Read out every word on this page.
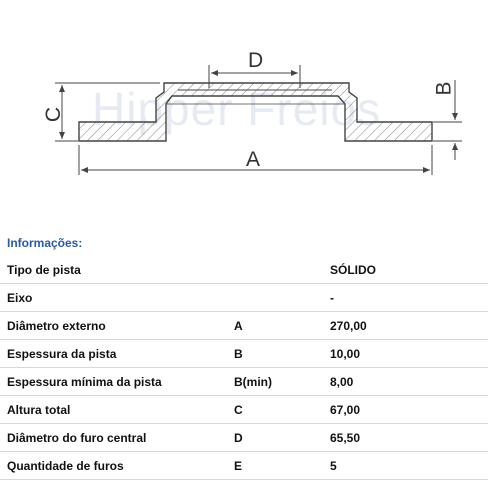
Hipper Freios
D
A
C
B
Informações:
Tipo de pista		SÓLIDO
Eixo		-
Diâmetro externo	A	270,00
Espessura da pista	B	10,00
Espessura mínima da pista	B(min)	8,00
Altura total	C	67,00
Diâmetro do furo central	D	65,50
Quantidade de furos	E	5
